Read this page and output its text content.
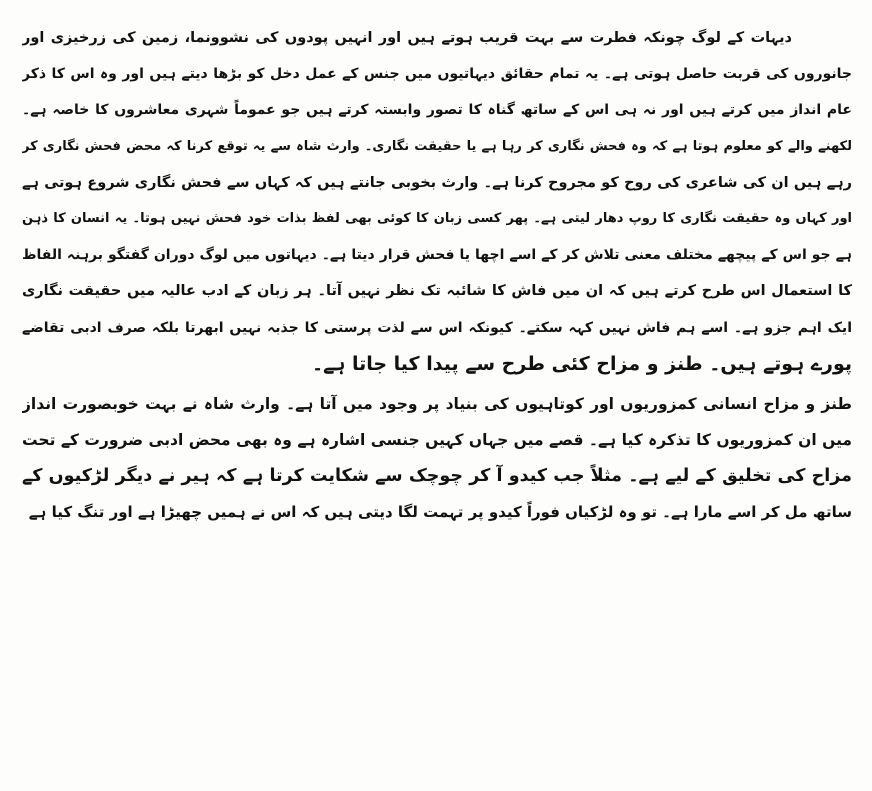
دیہات کے لوگ چونکہ فطرت سے بہت قریب ہوتے ہیں اور انہیں پودوں کی نشوونما، زمین کی زرخیزی اور
جانوروں کی قربت حاصل ہوتی ہے۔ یہ تمام حقائق دیہاتیوں میں جنس کے عمل دخل کو بڑھا دیتے ہیں اور وہ اس کا ذکر
عام انداز میں کرتے ہیں اور نہ ہی اس کے ساتھ گناہ کا تصور وابستہ کرتے ہیں جو عموماً شہری معاشروں کا خاصہ ہے۔
لکھنے والے کو معلوم ہوتا ہے کہ وہ فحش نگاری کر رہا ہے یا حقیقت نگاری۔ وارث شاہ سے یہ توقع کرنا کہ محض فحش نگاری کر
رہے ہیں ان کی شاعری کی روح کو مجروح کرنا ہے۔ وارث بخوبی جانتے ہیں کہ کہاں سے فحش نگاری شروع ہوتی ہے
اور کہاں وہ حقیقت نگاری کا روپ دھار لیتی ہے۔ پھر کسی زبان کا کوئی بھی لفظ بذات خود فحش نہیں ہوتا۔ یہ انسان کا ذہن
ہے جو اس کے پیچھے مختلف معنی تلاش کر کے اسے اچھا یا فحش قرار دیتا ہے۔ دیہاتوں میں لوگ دوران گفتگو برہنہ الفاظ
کا استعمال اس طرح کرتے ہیں کہ ان میں فاش کا شائبہ تک نظر نہیں آتا۔ ہر زبان کے ادب عالیہ میں حقیقت نگاری
ایک اہم جزو ہے۔ اسے ہم فاش نہیں کہہ سکتے۔ کیونکہ اس سے لذت پرستی کا جذبہ نہیں ابھرتا بلکہ صرف ادبی تقاضے
پورے ہوتے ہیں۔ طنز و مزاح کئی طرح سے پیدا کیا جاتا ہے۔
طنز و مزاح انسانی کمزوریوں اور کوتاہیوں کی بنیاد پر وجود میں آتا ہے۔ وارث شاہ نے بہت خوبصورت انداز
میں ان کمزوریوں کا تذکرہ کیا ہے۔ قصے میں جہاں کہیں جنسی اشارہ ہے وہ بھی محض ادبی ضرورت کے تحت
مزاح کی تخلیق کے لیے ہے۔ مثلاً جب کیدو آ کر چوچک سے شکایت کرتا ہے کہ ہیر نے دیگر لڑکیوں کے
ساتھ مل کر اسے مارا ہے۔ تو وہ لڑکیاں فوراً کیدو پر تہمت لگا دیتی ہیں کہ اس نے ہمیں چھیڑا ہے اور تنگ کیا ہے
